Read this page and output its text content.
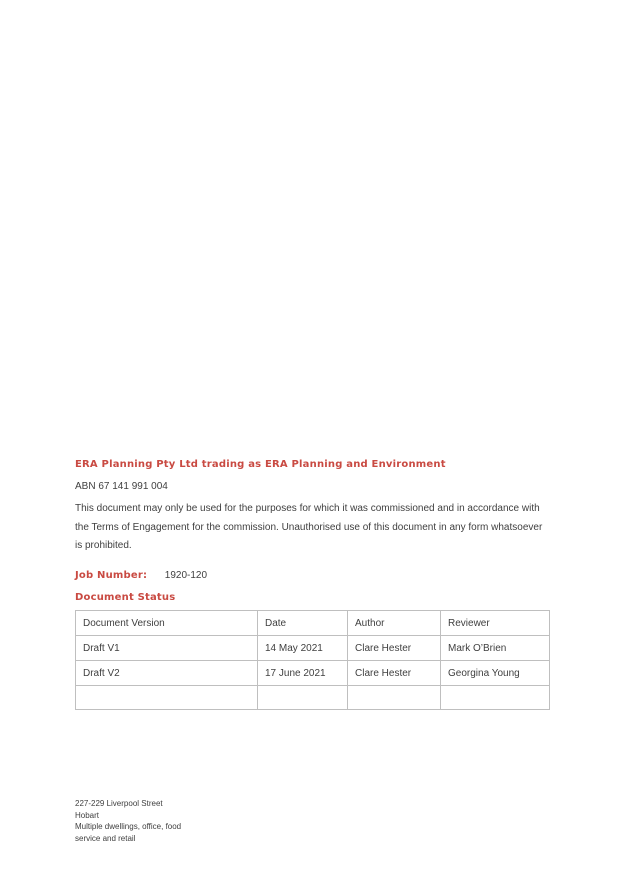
ERA Planning Pty Ltd trading as ERA Planning and Environment
ABN 67 141 991 004
This document may only be used for the purposes for which it was commissioned and in accordance with the Terms of Engagement for the commission. Unauthorised use of this document in any form whatsoever is prohibited.
Job Number: 1920-120
Document Status
Document Version	Date	Author	Reviewer
Draft V1	14 May 2021	Clare Hester	Mark O’Brien
Draft V2	17 June 2021	Clare Hester	Georgina Young

227-229 Liverpool Street
Hobart
Multiple dwellings, office, food
service and retail
